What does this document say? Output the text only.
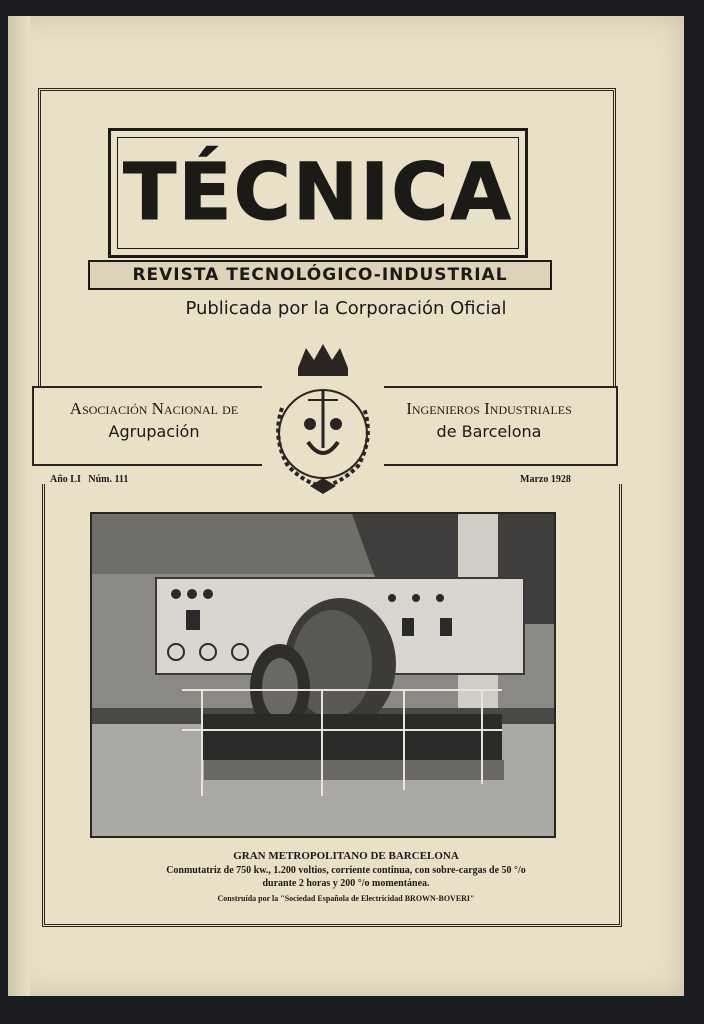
TÉCNICA
REVISTA TECNOLÓGICO-INDUSTRIAL
Publicada por la Corporación Oficial
Asociación Nacional de
Agrupación
Ingenieros Industriales
de Barcelona
Año LI Núm. 111	Marzo 1928
GRAN METROPOLITANO DE BARCELONA
Conmutatriz de 750 kw., 1.200 voltios, corriente continua, con sobre-cargas de 50 °/o
durante 2 horas y 200 °/o momentánea.
Construída por la "Sociedad Española de Electricidad BROWN-BOVERI"
